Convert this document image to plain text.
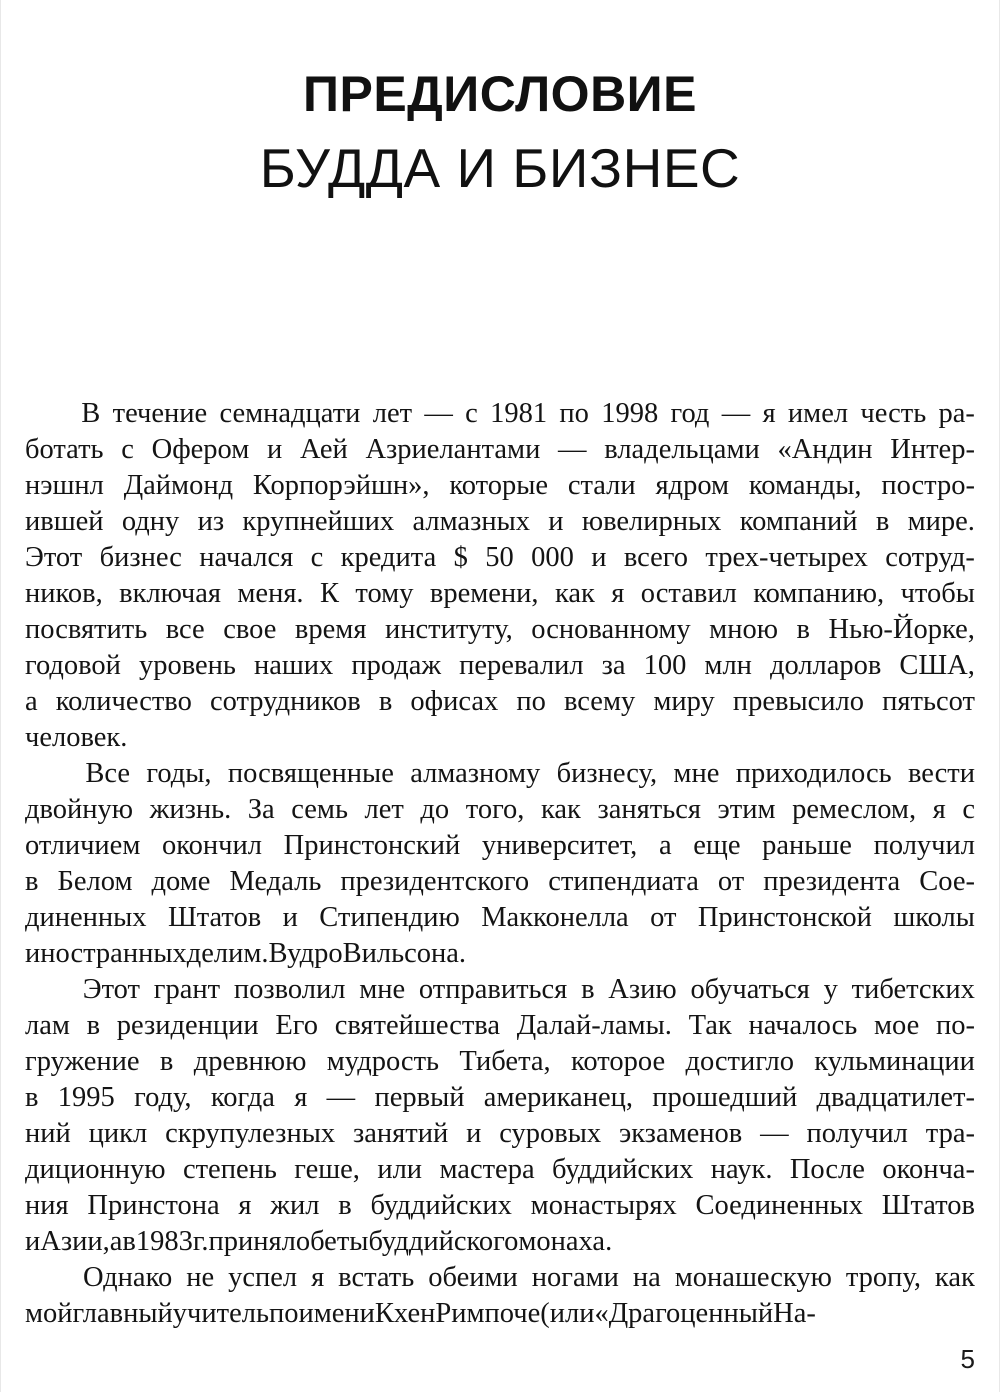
ПРЕДИСЛОВИЕ
БУДДА И БИЗНЕС
В течение семнадцати лет — с 1981 по 1998 год — я имел честь ра-
ботать с Офером и Аей Азриелантами — владельцами «Андин Интер-
нэшнл Даймонд Корпорэйшн», которые стали ядром команды, постро-
ившей одну из крупнейших алмазных и ювелирных компаний в мире.
Этот бизнес начался с кредита $ 50 000 и всего трех-четырех сотруд-
ников, включая меня. К тому времени, как я оставил компанию, чтобы
посвятить все свое время институту, основанному мною в Нью-Йорке,
годовой уровень наших продаж перевалил за 100 млн долларов США,
а количество сотрудников в офисах по всему миру превысило пятьсот
человек.
Все годы, посвященные алмазному бизнесу, мне приходилось вести
двойную жизнь. За семь лет до того, как заняться этим ремеслом, я с
отличием окончил Принстонский университет, а еще раньше получил
в Белом доме Медаль президентского стипендиата от президента Сое-
диненных Штатов и Стипендию Макконелла от Принстонской школы
иностранных дел им. Вудро Вильсона.
Этот грант позволил мне отправиться в Азию обучаться у тибетских
лам в резиденции Его святейшества Далай-ламы. Так началось мое по-
гружение в древнюю мудрость Тибета, которое достигло кульминации
в 1995 году, когда я — первый американец, прошедший двадцатилет-
ний цикл скрупулезных занятий и суровых экзаменов — получил тра-
диционную степень геше, или мастера буддийских наук. После оконча-
ния Принстона я жил в буддийских монастырях Соединенных Штатов
и Азии, а в 1983 г. принял обеты буддийского монаха.
Однако не успел я встать обеими ногами на монашескую тропу, как
мой главный учитель по имени Кхен Римпоче (или «Драгоценный На-
5
